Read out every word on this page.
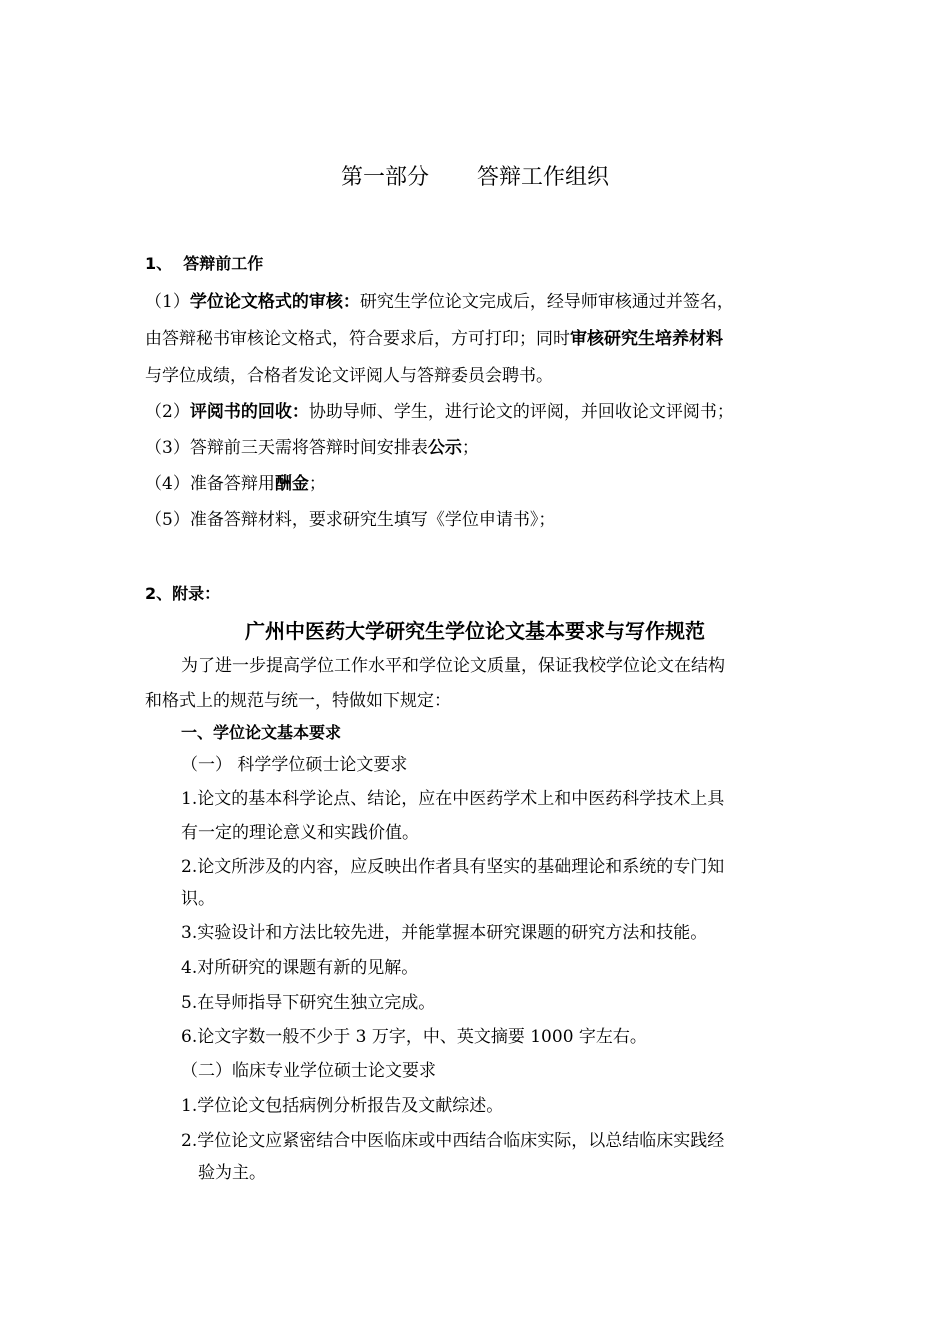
第一部分 答辩工作组织
1、 答辩前工作
（1）学位论文格式的审核：研究生学位论文完成后，经导师审核通过并签名，
由答辩秘书审核论文格式，符合要求后，方可打印；同时审核研究生培养材料
与学位成绩，合格者发论文评阅人与答辩委员会聘书。
（2）评阅书的回收：协助导师、学生，进行论文的评阅，并回收论文评阅书；
（3）答辩前三天需将答辩时间安排表公示；
（4）准备答辩用酬金；
（5）准备答辩材料，要求研究生填写《学位申请书》；
2、附录：
广州中医药大学研究生学位论文基本要求与写作规范
为了进一步提高学位工作水平和学位论文质量，保证我校学位论文在结构
和格式上的规范与统一，特做如下规定：
一、学位论文基本要求
（一） 科学学位硕士论文要求
1.论文的基本科学论点、结论，应在中医药学术上和中医药科学技术上具
有一定的理论意义和实践价值。
2.论文所涉及的内容，应反映出作者具有坚实的基础理论和系统的专门知
识。
3.实验设计和方法比较先进，并能掌握本研究课题的研究方法和技能。
4.对所研究的课题有新的见解。
5.在导师指导下研究生独立完成。
6.论文字数一般不少于 3 万字，中、英文摘要 1000 字左右。
（二）临床专业学位硕士论文要求
1.学位论文包括病例分析报告及文献综述。
2.学位论文应紧密结合中医临床或中西结合临床实际，以总结临床实践经
验为主。
